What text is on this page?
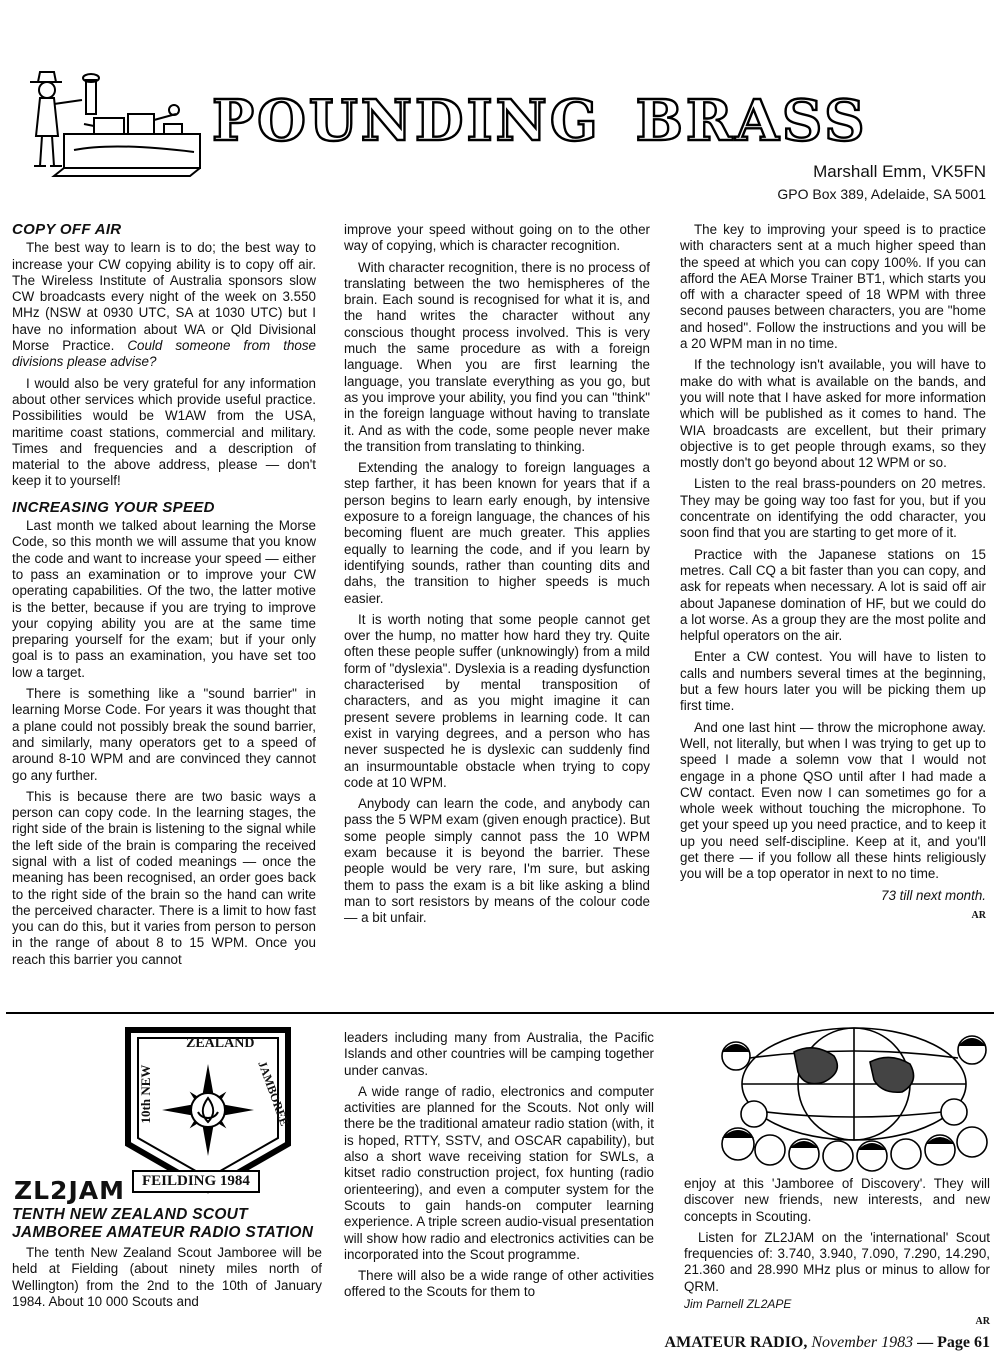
POUNDING BRASS
Marshall Emm, VK5FN
GPO Box 389, Adelaide, SA 5001
COPY OFF AIR

The best way to learn is to do; the best way to increase your CW copying ability is to copy off air. The Wireless Institute of Australia sponsors slow CW broadcasts every night of the week on 3.550 MHz (NSW at 0930 UTC, SA at 1030 UTC) but I have no information about WA or Qld Divisional Morse Practice. Could someone from those divisions please advise?

I would also be very grateful for any information about other services which provide useful practice. Possibilities would be W1AW from the USA, maritime coast stations, commercial and military. Times and frequencies and a description of material to the above address, please — don't keep it to yourself!

INCREASING YOUR SPEED

Last month we talked about learning the Morse Code, so this month we will assume that you know the code and want to increase your speed — either to pass an examination or to improve your CW operating capabilities. Of the two, the latter motive is the better, because if you are trying to improve your copying ability you are at the same time preparing yourself for the exam; but if your only goal is to pass an examination, you have set too low a target.

There is something like a "sound barrier" in learning Morse Code. For years it was thought that a plane could not possibly break the sound barrier, and similarly, many operators get to a speed of around 8-10 WPM and are convinced they cannot go any further.

This is because there are two basic ways a person can copy code. In the learning stages, the right side of the brain is listening to the signal while the left side of the brain is comparing the received signal with a list of coded meanings — once the meaning has been recognised, an order goes back to the right side of the brain so the hand can write the perceived character. There is a limit to how fast you can do this, but it varies from person to person in the range of about 8 to 15 WPM. Once you reach this barrier you cannot

improve your speed without going on to the other way of copying, which is character recognition.

With character recognition, there is no process of translating between the two hemispheres of the brain. Each sound is recognised for what it is, and the hand writes the character without any conscious thought process involved. This is very much the same procedure as with a foreign language. When you are first learning the language, you translate everything as you go, but as you improve your ability, you find you can "think" in the foreign language without having to translate it. And as with the code, some people never make the transition from translating to thinking.

Extending the analogy to foreign languages a step farther, it has been known for years that if a person begins to learn early enough, by intensive exposure to a foreign language, the chances of his becoming fluent are much greater. This applies equally to learning the code, and if you learn by identifying sounds, rather than counting dits and dahs, the transition to higher speeds is much easier.

It is worth noting that some people cannot get over the hump, no matter how hard they try. Quite often these people suffer (unknowingly) from a mild form of "dyslexia". Dyslexia is a reading dysfunction characterised by mental transposition of characters, and as you might imagine it can present severe problems in learning code. It can exist in varying degrees, and a person who has never suspected he is dyslexic can suddenly find an insurmountable obstacle when trying to copy code at 10 WPM.

Anybody can learn the code, and anybody can pass the 5 WPM exam (given enough practice). But some people simply cannot pass the 10 WPM exam because it is beyond the barrier. These people would be very rare, I'm sure, but asking them to pass the exam is a bit like asking a blind man to sort resistors by means of the colour code — a bit unfair.

The key to improving your speed is to practice with characters sent at a much higher speed than the speed at which you can copy 100%. If you can afford the AEA Morse Trainer BT1, which starts you off with a character speed of 18 WPM with three second pauses between characters, you are "home and hosed". Follow the instructions and you will be a 20 WPM man in no time.

If the technology isn't available, you will have to make do with what is available on the bands, and you will note that I have asked for more information which will be published as it comes to hand. The WIA broadcasts are excellent, but their primary objective is to get people through exams, so they mostly don't go beyond about 12 WPM or so.

Listen to the real brass-pounders on 20 metres. They may be going way too fast for you, but if you concentrate on identifying the odd character, you soon find that you are starting to get more of it.

Practice with the Japanese stations on 15 metres. Call CQ a bit faster than you can copy, and ask for repeats when necessary. A lot is said off air about Japanese domination of HF, but we could do a lot worse. As a group they are the most polite and helpful operators on the air.

Enter a CW contest. You will have to listen to calls and numbers several times at the beginning, but a few hours later you will be picking them up first time.

And one last hint — throw the microphone away. Well, not literally, but when I was trying to get up to speed I made a solemn vow that I would not engage in a phone QSO until after I had made a CW contact. Even now I can sometimes go for a whole week without touching the microphone. To get your speed up you need practice, and to keep it up you need self-discipline. Keep at it, and you'll get there — if you follow all these hints religiously you will be a top operator in next to no time.

73 till next month.
AR
ZEALAND
10th NEW	JAMBOREE
FEILDING 1984
ZL2JAM
TENTH NEW ZEALAND SCOUT JAMBOREE AMATEUR RADIO STATION

The tenth New Zealand Scout Jamboree will be held at Fielding (about ninety miles north of Wellington) from the 2nd to the 10th of January 1984. About 10 000 Scouts and

leaders including many from Australia, the Pacific Islands and other countries will be camping together under canvas.

A wide range of radio, electronics and computer activities are planned for the Scouts. Not only will there be the traditional amateur radio station (with, it is hoped, RTTY, SSTV, and OSCAR capability), but also a short wave receiving station for SWLs, a kitset radio construction project, fox hunting (radio orienteering), and even a computer system for the Scouts to gain hands-on computer learning experience. A triple screen audio-visual presentation will show how radio and electronics activities can be incorporated into the Scout programme.

There will also be a wide range of other activities offered to the Scouts for them to

enjoy at this 'Jamboree of Discovery'. They will discover new friends, new interests, and new concepts in Scouting.

Listen for ZL2JAM on the 'international' Scout frequencies of: 3.740, 3.940, 7.090, 7.290, 14.290, 21.360 and 28.990 MHz plus or minus to allow for QRM.

Jim Parnell ZL2APE
AR
AMATEUR RADIO, November 1983 — Page 61
